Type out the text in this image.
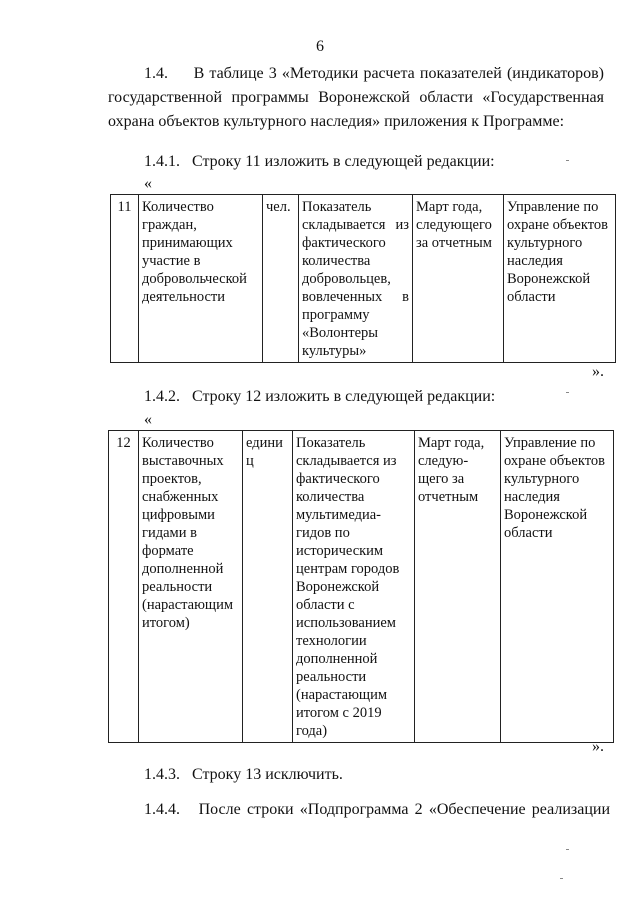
6
1.4.     В таблице 3 «Методики расчета показателей (индикаторов) государственной программы Воронежской области «Государственная охрана объектов культурного наследия» приложения к Программе:
1.4.1.   Строку 11 изложить в следующей редакции:
«
11	Количество граждан, принимающих участие в добровольческой деятельности	чел.	Показатель складывается из фактического количества добровольцев, вовлеченных в программу «Волонтеры культуры»	Март года, следующего за отчетным	Управление по охране объектов культурного наследия Воронежской области
».
1.4.2.   Строку 12 изложить в следующей редакции:
«
12	Количество выставочных проектов, снабженных цифровыми гидами в формате дополненной реальности (нарастающим итогом)	единиц	Показатель складывается из фактического количества мультимедиа-гидов по историческим центрам городов Воронежской области с использованием технологии дополненной реальности (нарастающим итогом с 2019 года)	Март года, следую-щего за отчетным	Управление по охране объектов культурного наследия Воронежской области
».
1.4.3.   Строку 13 исключить.
1.4.4.   После строки «Подпрограмма 2 «Обеспечение реализации
